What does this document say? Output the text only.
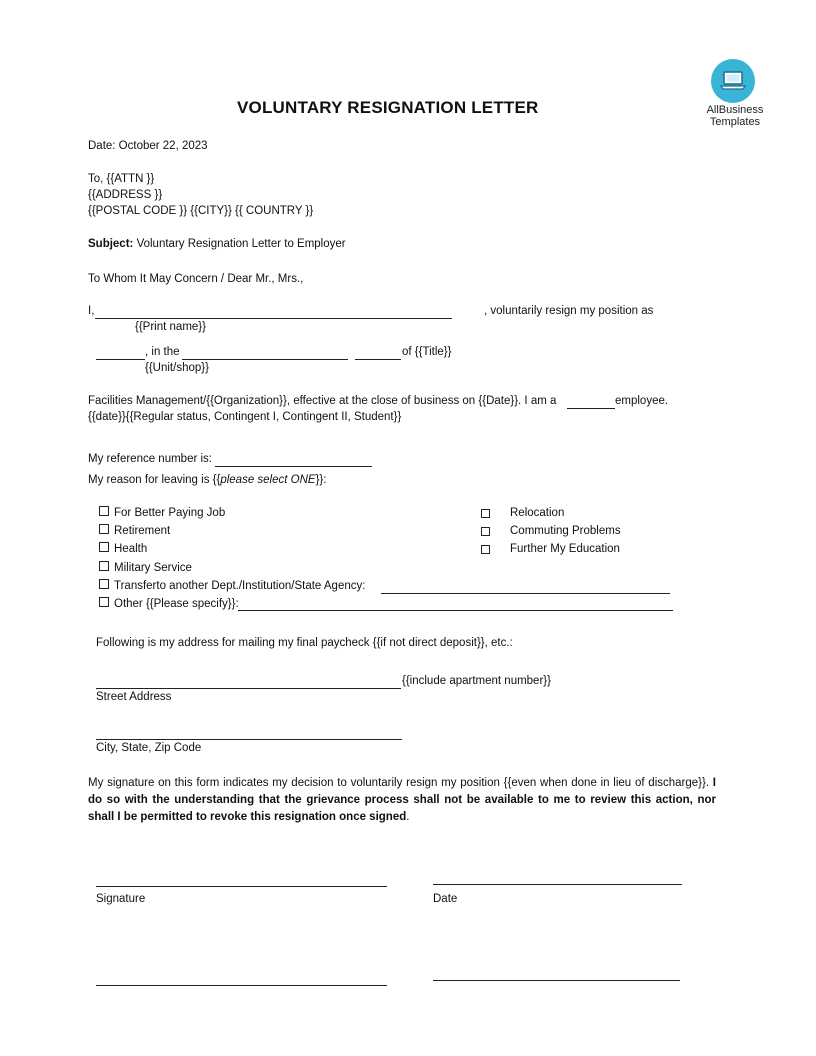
AllBusiness
Templates
VOLUNTARY RESIGNATION LETTER
Date: October 22, 2023
To, {{ATTN }}
{{ADDRESS }}
{{POSTAL CODE }} {{CITY}} {{ COUNTRY }}
Subject: Voluntary Resignation Letter to Employer
To Whom It May Concern / Dear Mr., Mrs.,
I,	, voluntarily resign my position as
{{Print name}}
, in the	of {{Title}}
{{Unit/shop}}
Facilities Management/{{Organization}}, effective at the close of business on {{Date}}. I am a	employee.
{{date}}{{Regular status, Contingent I, Contingent II, Student}}
My reference number is:
My reason for leaving is {{please select ONE}}:
For Better Paying Job
Retirement
Health
Military Service
Transferto another Dept./Institution/State Agency:
Other {{Please specify}}:
Relocation
Commuting Problems
Further My Education
Following is my address for mailing my final paycheck {{if not direct deposit}}, etc.:
{{include apartment number}}
Street Address
City, State, Zip Code
My signature on this form indicates my decision to voluntarily resign my position {{even when done in lieu of discharge}}. I do so with the understanding that the grievance process shall not be available to me to review this action, nor shall I be permitted to revoke this resignation once signed.
Signature	Date
